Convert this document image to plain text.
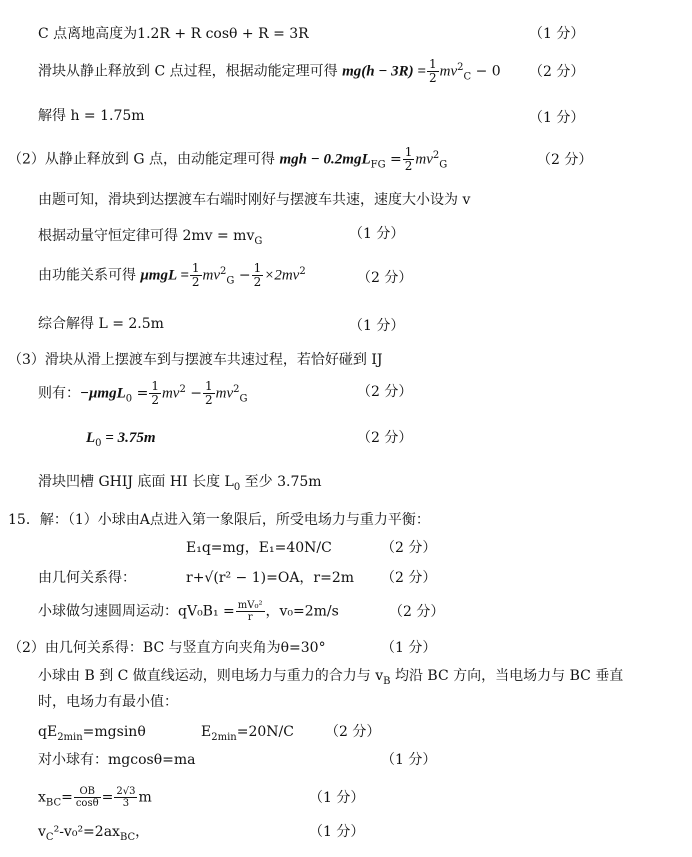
C 点离地高度为1.2R + R cosθ + R = 3R	（1 分）
滑块从静止释放到 C 点过程，根据动能定理可得 $mg(h - 3R) = \frac{1}{2} mv^2_C - 0$ （2 分）
解得 h = 1.75m	（1 分）
（2）从静止释放到 G 点，由动能定理可得 mgh − $0.2mgL_{FG} = \frac{1}{2} mv^2_G$	（2 分）
由题可知，滑块到达摆渡车右端时刚好与摆渡车共速，速度大小设为 v
根据动量守恒定律可得 $2mv = mv_G$	（1 分）
由功能关系可得 $\mu mgL = \frac{1}{2} mv^2_G - \frac{1}{2} \times 2mv^2$	（2 分）
综合解得 L = 2.5m	（1 分）
（3）滑块从滑上摆渡车到与摆渡车共速过程，若恰好碰到 IJ
则有：$-\mu mgL_0 = \frac{1}{2} mv^2 - \frac{1}{2} mv^2_G$	（2 分）
$L_0 = 3.75m$	（2 分）
滑块凹槽 GHIJ 底面 HI 长度 $L_0$ 至少 3.75m
15．解：（1）小球由A点进入第一象限后，所受电场力与重力平衡：
E₁q=mg，E₁=40N/C	（2 分）
由几何关系得：	r+√(r² − 1)=OA，r=2m （2 分）
小球做匀速圆周运动：$qV_0B_1 = \frac{\text{mV₀²}}{r}$ ，v₀=2m/s	（2 分）
（2）由几何关系得：BC 与竖直方向夹角为θ=30°	（1 分）
小球由 B 到 C 做直线运动，则电场力与重力的合力与 $v_B$ 均沿 BC 方向，当电场力与 BC 垂直
时，电场力有最小值：
$qE_{2min}=mgsin\theta$	$E_{2min}=20N/C$ （2 分）
对小球有：mgcosθ=ma	（1 分）
$x_{BC}= \frac{OB}{\cos\theta} = \frac{2√3}{3}$ m	（1 分）
$v_C^2-v_0^2=2ax_{BC}$，	（1 分）
